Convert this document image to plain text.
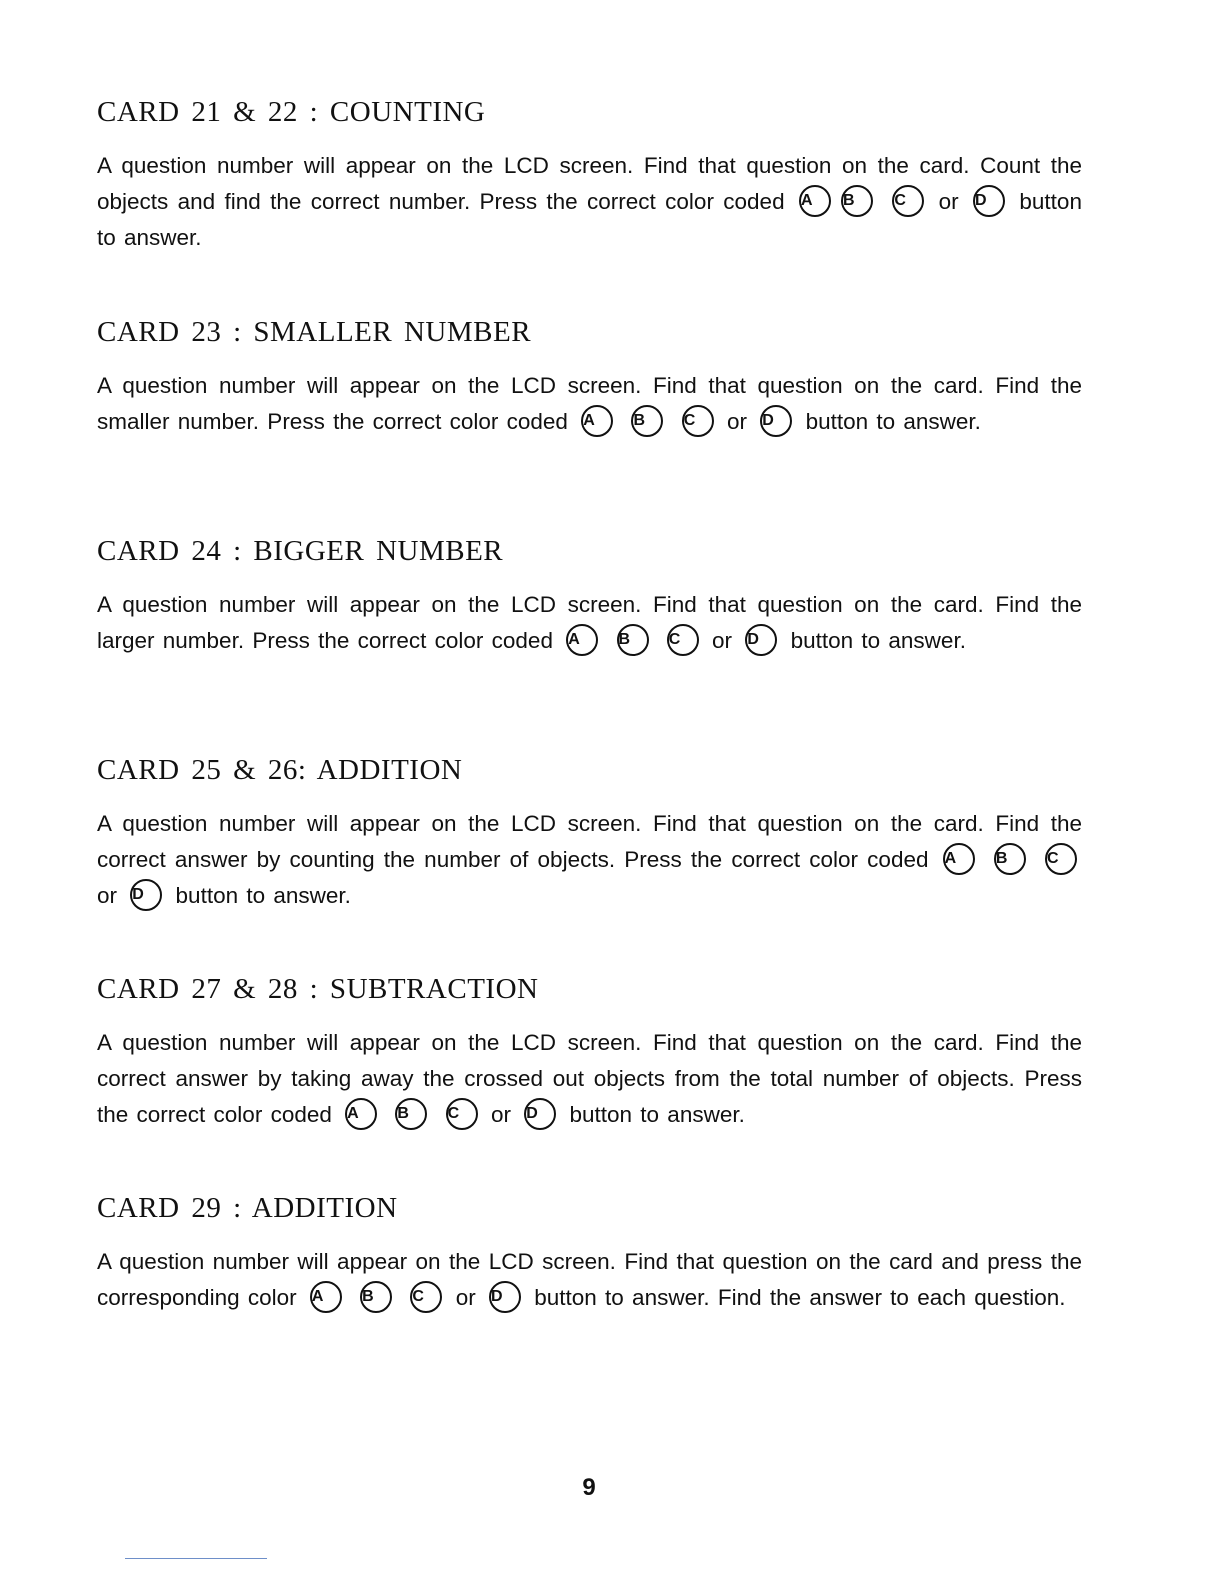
CARD 21 & 22 : COUNTING

A question number will appear on the LCD screen. Find that question on the card. Count the objects and find the correct number. Press the correct color coded A B C or D button to answer.

CARD 23 : SMALLER NUMBER

A question number will appear on the LCD screen. Find that question on the card. Find the smaller number. Press the correct color coded A B C or D button to answer.

CARD 24 : BIGGER NUMBER

A question number will appear on the LCD screen. Find that question on the card. Find the larger number. Press the correct color coded A B C or D button to answer.

CARD 25 & 26: ADDITION

A question number will appear on the LCD screen. Find that question on the card. Find the correct answer by counting the number of objects. Press the correct color coded A B C or D button to answer.

CARD 27 & 28 : SUBTRACTION

A question number will appear on the LCD screen. Find that question on the card. Find the correct answer by taking away the crossed out objects from the total number of objects. Press the correct color coded A B C or D button to answer.

CARD 29 : ADDITION

A question number will appear on the LCD screen. Find that question on the card and press the corresponding color A B C or D button to answer. Find the answer to each question.

9
